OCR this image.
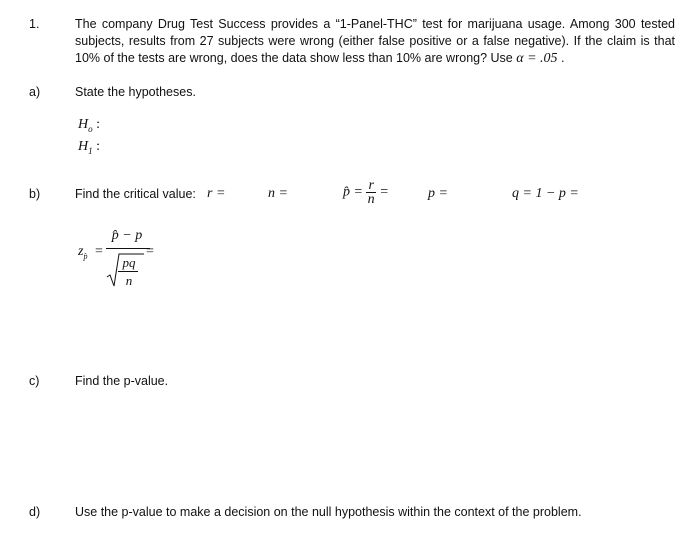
1.	The company Drug Test Success provides a “1-Panel-THC” test for marijuana usage. Among 300 tested subjects, results from 27 subjects were wrong (either false positive or a false negative). If the claim is that 10% of the tests are wrong, does the data show less than 10% are wrong? Use α = .05 .
a)	State the hypotheses.
$H_o$ :
$H_1$ :
b)	Find the critical value: r =	n =	p̂ = $\frac{r}{n}$ =	p =	q = 1 − p =
$z_{p̂}$ =
p̂ − p
pq
n
=
c)	Find the p-value.
d)	Use the p-value to make a decision on the null hypothesis within the context of the problem.
